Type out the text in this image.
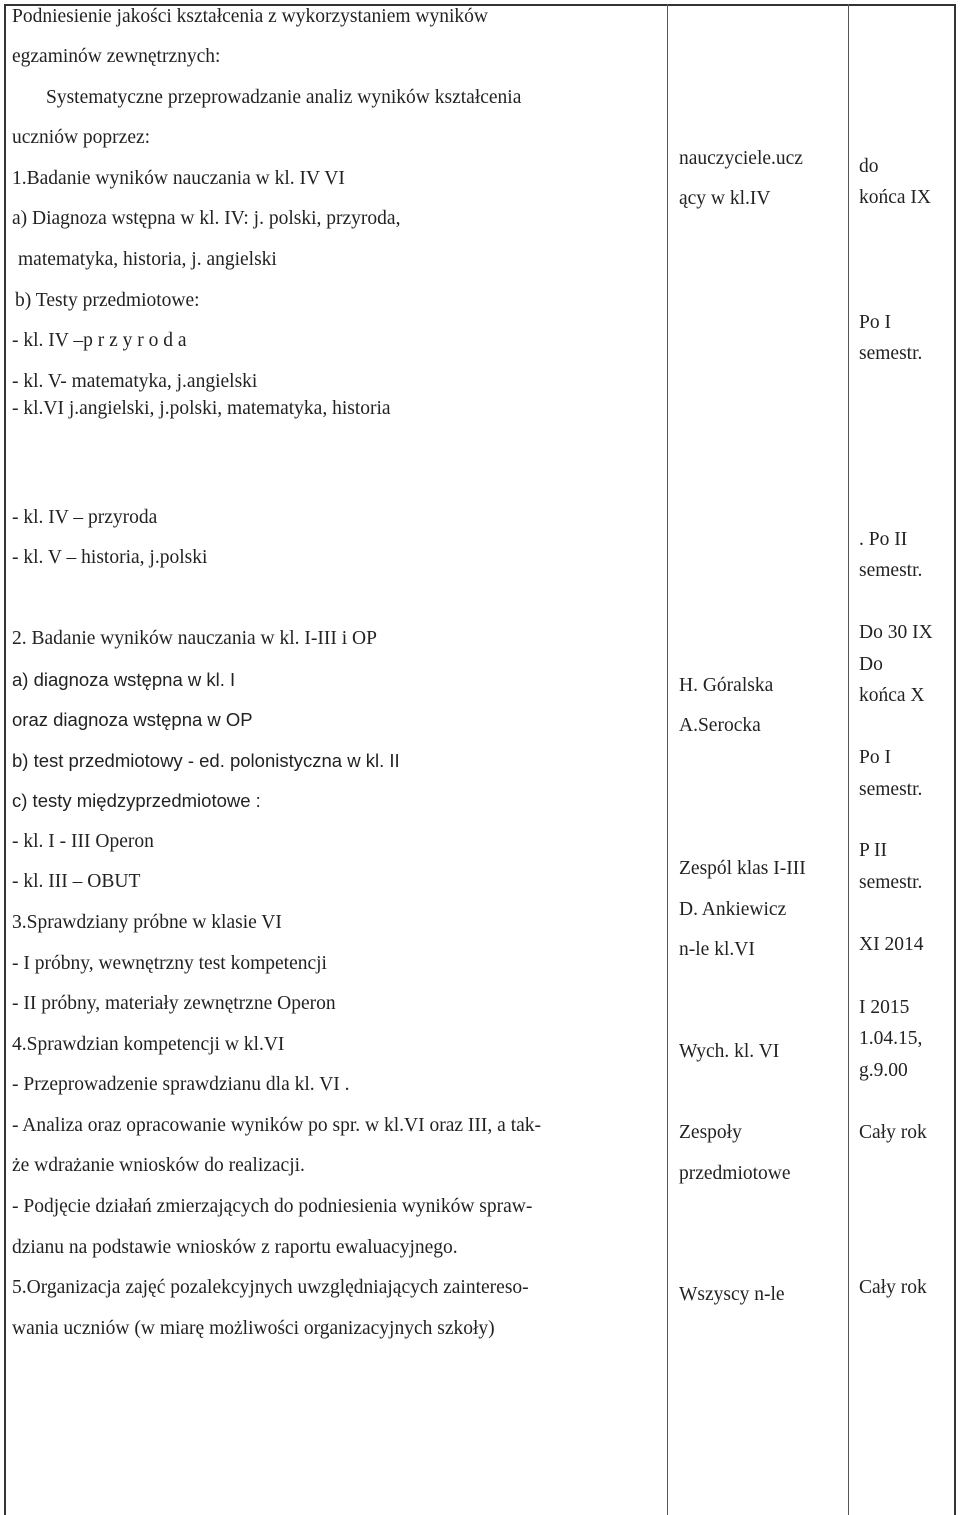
Podniesienie jakości kształcenia z wykorzystaniem wyników
egzaminów zewnętrznych:
Systematyczne przeprowadzanie analiz wyników kształcenia
uczniów poprzez:
1.Badanie wyników nauczania w kl. IV VI
a) Diagnoza wstępna w kl. IV: j. polski, przyroda,
matematyka, historia, j. angielski
b) Testy przedmiotowe:
- kl. IV –p r z y r o d a
- kl. V- matematyka, j.angielski
- kl.VI j.angielski, j.polski, matematyka, historia
- kl. IV – przyroda
- kl. V – historia, j.polski
2. Badanie wyników nauczania w kl. I-III i OP
a) diagnoza wstępna w kl. I
oraz diagnoza wstępna w OP
b) test przedmiotowy - ed. polonistyczna w kl. II
c) testy międzyprzedmiotowe :
- kl. I - III Operon
- kl. III – OBUT
3.Sprawdziany próbne w klasie VI
- I próbny, wewnętrzny test kompetencji
- II próbny, materiały zewnętrzne Operon
4.Sprawdzian kompetencji w kl.VI
- Przeprowadzenie sprawdzianu dla kl. VI .
- Analiza oraz opracowanie wyników po spr. w kl.VI oraz III, a tak-
że wdrażanie wniosków do realizacji.
- Podjęcie działań zmierzających do podniesienia wyników spraw-
dzianu na podstawie wniosków z raportu ewaluacyjnego.
5.Organizacja zajęć pozalekcyjnych uwzględniających zaintereso-
wania uczniów (w miarę możliwości organizacyjnych szkoły)
nauczyciele.ucz
ący w kl.IV
H. Góralska
A.Serocka
Zespól klas I-III
D. Ankiewicz
n-le kl.VI
Wych. kl. VI
Zespoły
przedmiotowe
Wszyscy n-le
do
końca IX
Po I
semestr.
. Po II
semestr.
Do 30 IX
Do
końca X
Po I
semestr.
P II
semestr.
XI 2014
I 2015
1.04.15,
g.9.00
Cały rok
Cały rok
